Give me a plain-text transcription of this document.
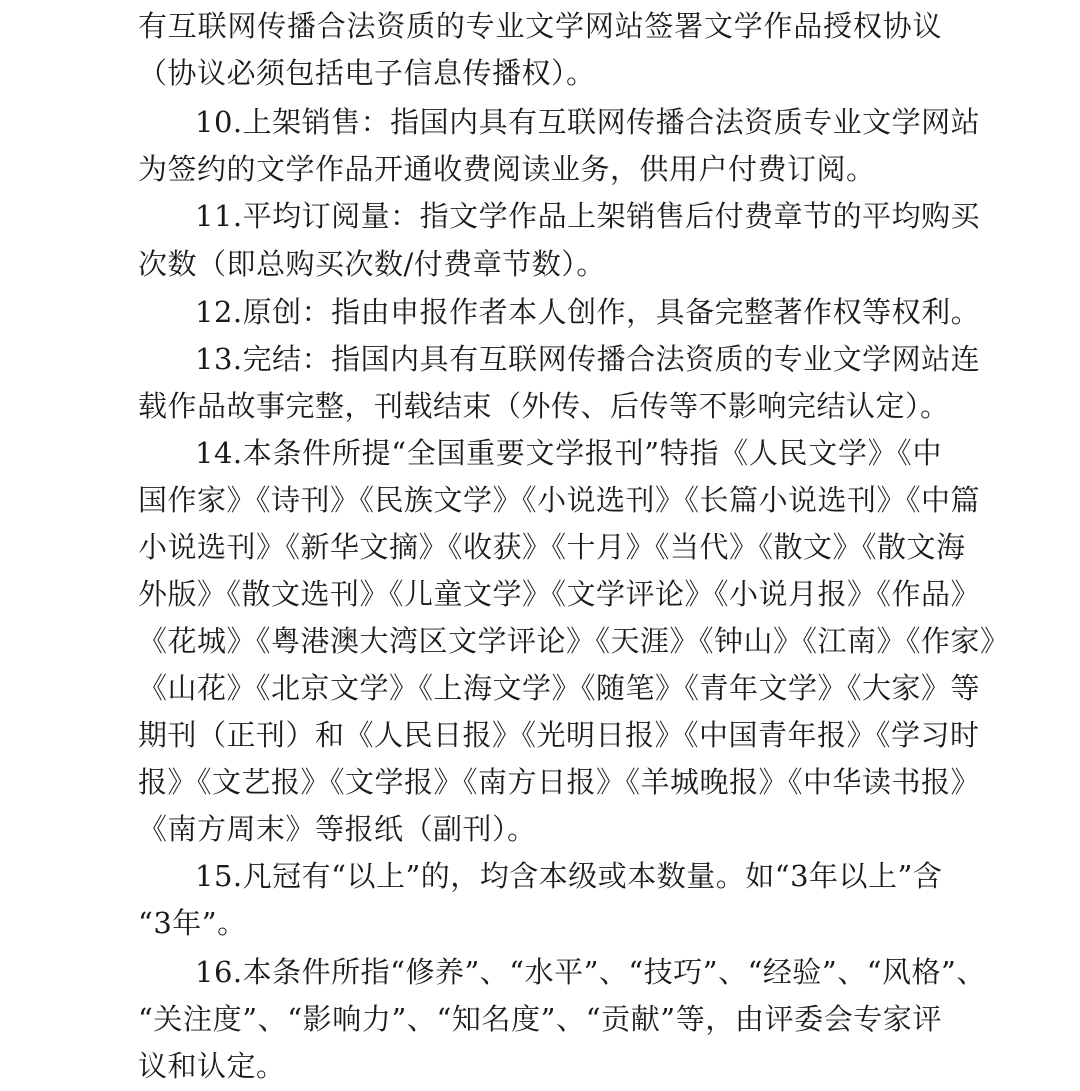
有互联网传播合法资质的专业文学网站签署文学作品授权协议
（协议必须包括电子信息传播权）。
10.上架销售：指国内具有互联网传播合法资质专业文学网站
为签约的文学作品开通收费阅读业务，供用户付费订阅。
11.平均订阅量：指文学作品上架销售后付费章节的平均购买
次数（即总购买次数/付费章节数）。
12.原创：指由申报作者本人创作，具备完整著作权等权利。
13.完结：指国内具有互联网传播合法资质的专业文学网站连
载作品故事完整，刊载结束（外传、后传等不影响完结认定）。
14.本条件所提“全国重要文学报刊”特指《人民文学》《中
国作家》《诗刊》《民族文学》《小说选刊》《长篇小说选刊》《中篇
小说选刊》《新华文摘》《收获》《十月》《当代》《散文》《散文海
外版》《散文选刊》《儿童文学》《文学评论》《小说月报》《作品》
《花城》《粤港澳大湾区文学评论》《天涯》《钟山》《江南》《作家》
《山花》《北京文学》《上海文学》《随笔》《青年文学》《大家》等
期刊（正刊）和《人民日报》《光明日报》《中国青年报》《学习时
报》《文艺报》《文学报》《南方日报》《羊城晚报》《中华读书报》
《南方周末》等报纸（副刊）。
15.凡冠有“以上”的，均含本级或本数量。如“3年以上”含
“3年”。
16.本条件所指“修养”、“水平”、“技巧”、“经验”、“风格”、
“关注度”、“影响力”、“知名度”、“贡献”等，由评委会专家评
议和认定。
